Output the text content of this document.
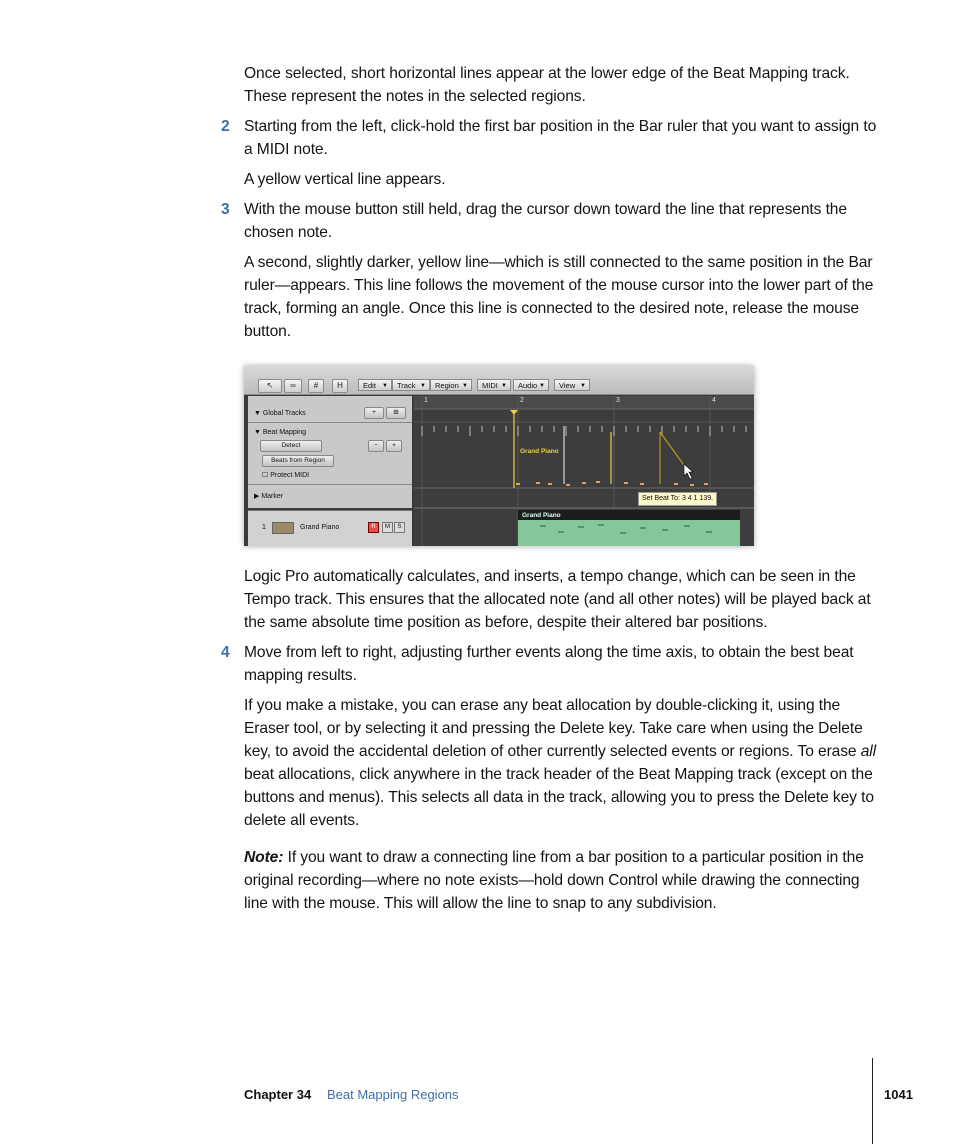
Once selected, short horizontal lines appear at the lower edge of the Beat Mapping track. These represent the notes in the selected regions.

2 Starting from the left, click-hold the first bar position in the Bar ruler that you want to assign to a MIDI note.

A yellow vertical line appears.

3 With the mouse button still held, drag the cursor down toward the line that represents the chosen note.

A second, slightly darker, yellow line—which is still connected to the same position in the Bar ruler—appears. This line follows the movement of the mouse cursor into the lower part of the track, forming an angle. Once this line is connected to the desired note, release the mouse button.

↖	∞	#	H	Edit ▼	Track ▼	Region ▼	MIDI ▼	Audio ▼	View ▼
▼ Global Tracks	+	⊞
▼ Beat Mapping
Detect	−	+
Beats from Region
☐ Protect MIDI
▶ Marker
1	Grand Piano	R	M	S
1	2	3	4
Grand Piano
Grand Piano
Set Beat To: 3 4 1 139.

Logic Pro automatically calculates, and inserts, a tempo change, which can be seen in the Tempo track. This ensures that the allocated note (and all other notes) will be played back at the same absolute time position as before, despite their altered bar positions.

4 Move from left to right, adjusting further events along the time axis, to obtain the best beat mapping results.

If you make a mistake, you can erase any beat allocation by double-clicking it, using the Eraser tool, or by selecting it and pressing the Delete key. Take care when using the Delete key, to avoid the accidental deletion of other currently selected events or regions. To erase all beat allocations, click anywhere in the track header of the Beat Mapping track (except on the buttons and menus). This selects all data in the track, allowing you to press the Delete key to delete all events.

Note: If you want to draw a connecting line from a bar position to a particular position in the original recording—where no note exists—hold down Control while drawing the connecting line with the mouse. This will allow the line to snap to any subdivision.

Chapter 34 Beat Mapping Regions	1041
